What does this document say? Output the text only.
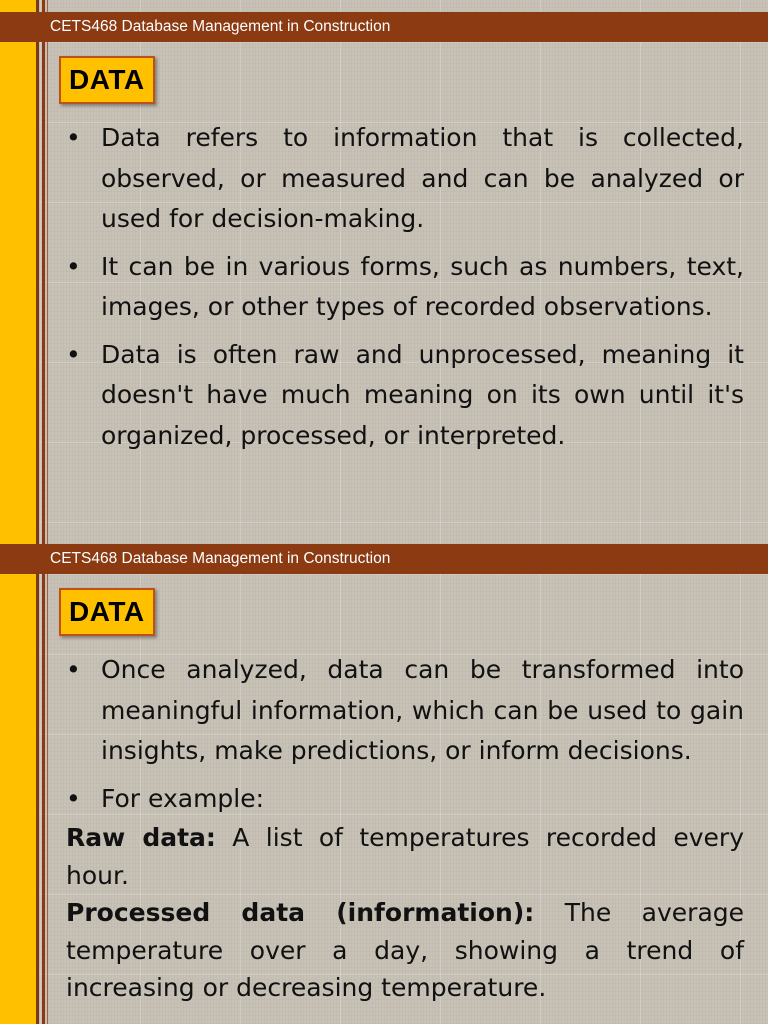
CETS468 Database Management in Construction
DATA
• Data refers to information that is collected, observed, or measured and can be analyzed or used for decision-making.
• It can be in various forms, such as numbers, text, images, or other types of recorded observations.
• Data is often raw and unprocessed, meaning it doesn't have much meaning on its own until it's organized, processed, or interpreted.
CETS468 Database Management in Construction
DATA
• Once analyzed, data can be transformed into meaningful information, which can be used to gain insights, make predictions, or inform decisions.
• For example:
Raw data: A list of temperatures recorded every hour.
Processed data (information): The average temperature over a day, showing a trend of increasing or decreasing temperature.
